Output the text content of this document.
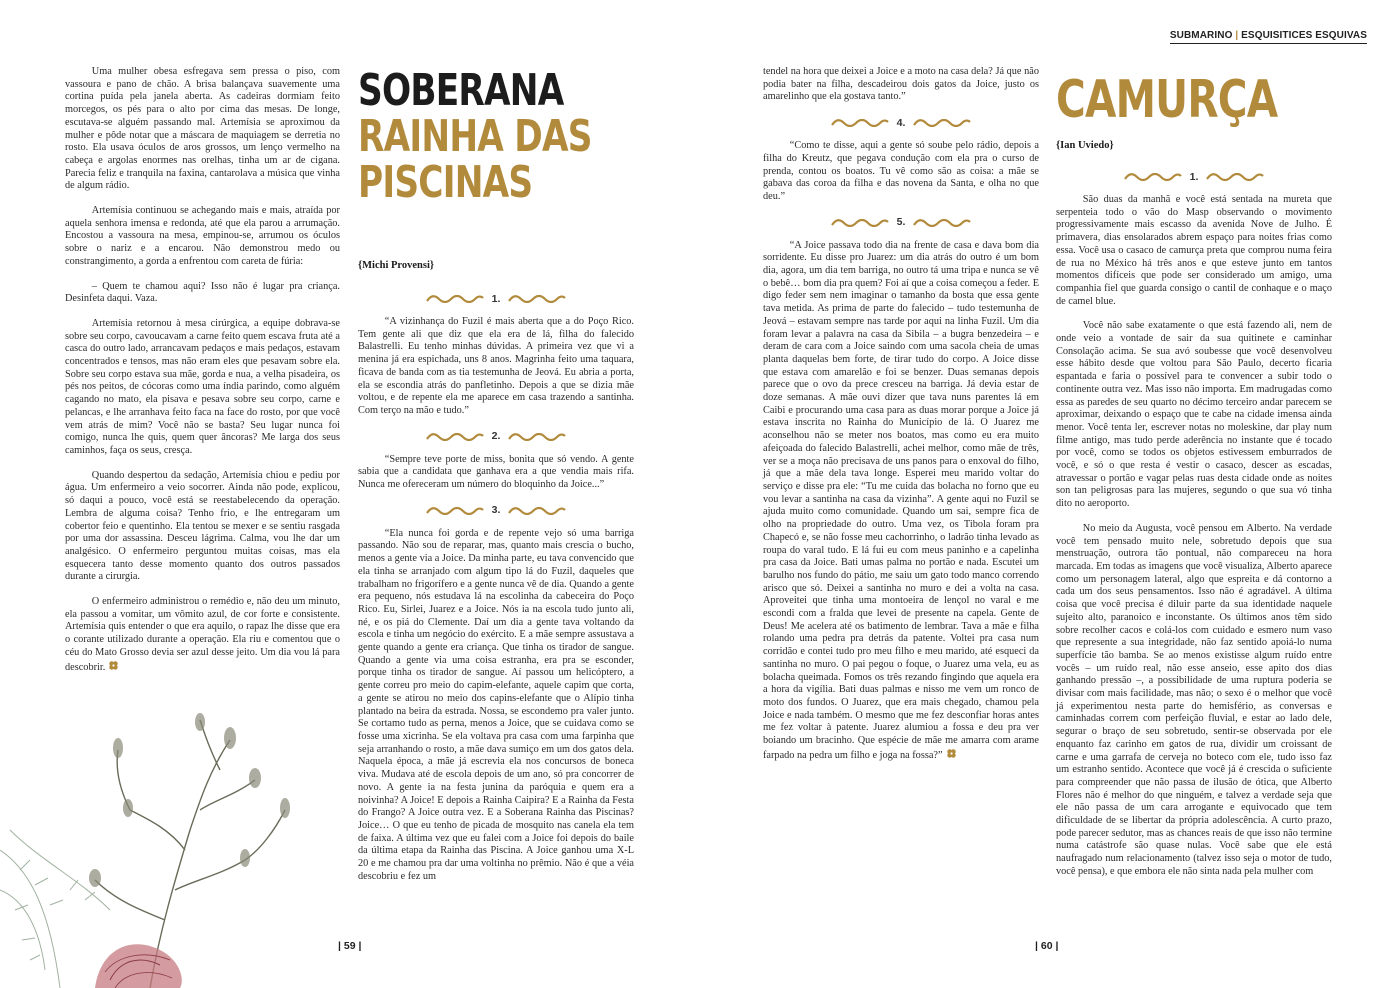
Uma mulher obesa esfregava sem pressa o piso, com vassoura e pano de chão. A brisa balançava suavemente uma cortina puída pela janela aberta. As cadeiras dormiam feito morcegos, os pés para o alto por cima das mesas. De longe, escutava-se alguém passando mal. Artemísia se aproximou da mulher e pôde notar que a máscara de maquiagem se derretia no rosto. Ela usava óculos de aros grossos, um lenço vermelho na cabeça e argolas enormes nas orelhas, tinha um ar de cigana. Parecia feliz e tranquila na faxina, cantarolava a música que vinha de algum rádio.

Artemísia continuou se achegando mais e mais, atraída por aquela senhora imensa e redonda, até que ela parou a arrumação. Encostou a vassoura na mesa, empinou-se, arrumou os óculos sobre o nariz e a encarou. Não demonstrou medo ou constrangimento, a gorda a enfrentou com careta de fúria:

– Quem te chamou aqui? Isso não é lugar pra criança. Desinfeta daqui. Vaza.

Artemísia retornou à mesa cirúrgica, a equipe dobrava-se sobre seu corpo, cavoucavam a carne feito quem escava fruta até a casca do outro lado, arrancavam pedaços e mais pedaços, estavam concentrados e tensos, mas não eram eles que pesavam sobre ela. Sobre seu corpo estava sua mãe, gorda e nua, a velha pisadeira, os pés nos peitos, de cócoras como uma índia parindo, como alguém cagando no mato, ela pisava e pesava sobre seu corpo, carne e pelancas, e lhe arranhava feito faca na face do rosto, por que você vem atrás de mim? Você não se basta? Seu lugar nunca foi comigo, nunca lhe quis, quem quer âncoras? Me larga dos seus caminhos, faça os seus, cresça.

Quando despertou da sedação, Artemísia chiou e pediu por água. Um enfermeiro a veio socorrer. Ainda não pode, explicou, só daqui a pouco, você está se reestabelecendo da operação. Lembra de alguma coisa? Tenho frio, e lhe entregaram um cobertor feio e quentinho. Ela tentou se mexer e se sentiu rasgada por uma dor assassina. Desceu lágrima. Calma, vou lhe dar um analgésico. O enfermeiro perguntou muitas coisas, mas ela esquecera tanto desse momento quanto dos outros passados durante a cirurgia.

O enfermeiro administrou o remédio e, não deu um minuto, ela passou a vomitar, um vômito azul, de cor forte e consistente. Artemísia quis entender o que era aquilo, o rapaz lhe disse que era o corante utilizado durante a operação. Ela riu e comentou que o céu do Mato Grosso devia ser azul desse jeito. Um dia vou lá para descobrir.

SOBERANA
RAINHA DAS
PISCINAS
{Michi Provensi}
1.

“A vizinhança do Fuzil é mais aberta que a do Poço Rico. Tem gente ali que diz que ela era de lá, filha do falecido Balastrelli. Eu tenho minhas dúvidas. A primeira vez que vi a menina já era espichada, uns 8 anos. Magrinha feito uma taquara, ficava de banda com as tia testemunha de Jeová. Eu abria a porta, ela se escondia atrás do panfletinho. Depois a que se dizia mãe voltou, e de repente ela me aparece em casa trazendo a santinha. Com terço na mão e tudo.”

2.

“Sempre teve porte de miss, bonita que só vendo. A gente sabia que a candidata que ganhava era a que vendia mais rifa. Nunca me ofereceram um número do bloquinho da Joice...”

3.

“Ela nunca foi gorda e de repente vejo só uma barriga passando. Não sou de reparar, mas, quanto mais crescia o bucho, menos a gente via a Joice. Da minha parte, eu tava convencido que ela tinha se arranjado com algum tipo lá do Fuzil, daqueles que trabalham no frigorífero e a gente nunca vê de dia. Quando a gente era pequeno, nós estudava lá na escolinha da cabeceira do Poço Rico. Eu, Sirlei, Juarez e a Joice. Nós ia na escola tudo junto ali, né, e os piá do Clemente. Daí um dia a gente tava voltando da escola e tinha um negócio do exército. E a mãe sempre assustava a gente quando a gente era criança. Que tinha os tirador de sangue. Quando a gente via uma coisa estranha, era pra se esconder, porque tinha os tirador de sangue. Aí passou um helicóptero, a gente correu pro meio do capim-elefante, aquele capim que corta, a gente se atirou no meio dos capins-elefante que o Alípio tinha plantado na beira da estrada. Nossa, se escondemo pra valer junto. Se cortamo tudo as perna, menos a Joice, que se cuidava como se fosse uma xicrinha. Se ela voltava pra casa com uma farpinha que seja arranhando o rosto, a mãe dava sumiço em um dos gatos dela. Naquela época, a mãe já escrevia ela nos concursos de boneca viva. Mudava até de escola depois de um ano, só pra concorrer de novo. A gente ia na festa junina da paróquia e quem era a noivinha? A Joice! E depois a Rainha Caipira? E a Rainha da Festa do Frango? A Joice outra vez. E a Soberana Rainha das Piscinas? Joice… O que eu tenho de picada de mosquito nas canela ela tem de faixa. A última vez que eu falei com a Joice foi depois do baile da última etapa da Rainha das Piscina. A Joice ganhou uma X-L 20 e me chamou pra dar uma voltinha no prêmio. Não é que a véia descobriu e fez um

| 59 |
SUBMARINO | ESQUISITICES ESQUIVAS

tendel na hora que deixei a Joice e a moto na casa dela? Já que não podia bater na filha, descadeirou dois gatos da Joice, justo os amarelinho que ela gostava tanto.”

4.

“Como te disse, aqui a gente só soube pelo rádio, depois a filha do Kreutz, que pegava condução com ela pra o curso de prenda, contou os boatos. Tu vê como são as coisa: a mãe se gabava das coroa da filha e das novena da Santa, e olha no que deu.”

5.

“A Joice passava todo dia na frente de casa e dava bom dia sorridente. Eu disse pro Juarez: um dia atrás do outro é um bom dia, agora, um dia tem barriga, no outro tá uma tripa e nunca se vê o bebê… bom dia pra quem? Foi aí que a coisa começou a feder. E digo feder sem nem imaginar o tamanho da bosta que essa gente tava metida. As prima de parte do falecido – tudo testemunha de Jeová – estavam sempre nas tarde por aqui na linha Fuzil. Um dia foram levar a palavra na casa da Sibila – a bugra benzedeira – e deram de cara com a Joice saindo com uma sacola cheia de umas planta daquelas bem forte, de tirar tudo do corpo. A Joice disse que estava com amarelão e foi se benzer. Duas semanas depois parece que o ovo da prece cresceu na barriga. Já devia estar de doze semanas. A mãe ouvi dizer que tava nuns parentes lá em Caibi e procurando uma casa para as duas morar porque a Joice já estava inscrita no Rainha do Município de lá. O Juarez me aconselhou não se meter nos boatos, mas como eu era muito afeiçoada do falecido Balastrelli, achei melhor, como mãe de três, ver se a moça não precisava de uns panos para o enxoval do filho, já que a mãe dela tava longe. Esperei meu marido voltar do serviço e disse pra ele: “Tu me cuida das bolacha no forno que eu vou levar a santinha na casa da vizinha”. A gente aqui no Fuzil se ajuda muito como comunidade. Quando um sai, sempre fica de olho na propriedade do outro. Uma vez, os Tibola foram pra Chapecó e, se não fosse meu cachorrinho, o ladrão tinha levado as roupa do varal tudo. E lá fui eu com meus paninho e a capelinha pra casa da Joice. Bati umas palma no portão e nada. Escutei um barulho nos fundo do pátio, me saiu um gato todo manco correndo arisco que só. Deixei a santinha no muro e dei a volta na casa. Aproveitei que tinha uma montoeira de lençol no varal e me escondi com a fralda que levei de presente na capela. Gente de Deus! Me acelera até os batimento de lembrar. Tava a mãe e filha rolando uma pedra pra detrás da patente. Voltei pra casa num corridão e contei tudo pro meu filho e meu marido, até esqueci da santinha no muro. O pai pegou o foque, o Juarez uma vela, eu as bolacha queimada. Fomos os três rezando fingindo que aquela era a hora da vigília. Bati duas palmas e nisso me vem um ronco de moto dos fundos. O Juarez, que era mais chegado, chamou pela Joice e nada também. O mesmo que me fez desconfiar horas antes me fez voltar à patente. Juarez alumiou a fossa e deu pra ver boiando um bracinho. Que espécie de mãe me amarra com arame farpado na pedra um filho e joga na fossa?”

CAMURÇA
{Ian Uviedo}
1.

São duas da manhã e você está sentada na mureta que serpenteia todo o vão do Masp observando o movimento progressivamente mais escasso da avenida Nove de Julho. É primavera, dias ensolarados abrem espaço para noites frias como essa. Você usa o casaco de camurça preta que comprou numa feira de rua no México há três anos e que esteve junto em tantos momentos difíceis que pode ser considerado um amigo, uma companhia fiel que guarda consigo o cantil de conhaque e o maço de camel blue.

Você não sabe exatamente o que está fazendo ali, nem de onde veio a vontade de sair da sua quitinete e caminhar Consolação acima. Se sua avó soubesse que você desenvolveu esse hábito desde que voltou para São Paulo, decerto ficaria espantada e faria o possível para te convencer a subir todo o continente outra vez. Mas isso não importa. Em madrugadas como essa as paredes de seu quarto no décimo terceiro andar parecem se aproximar, deixando o espaço que te cabe na cidade imensa ainda menor. Você tenta ler, escrever notas no moleskine, dar play num filme antigo, mas tudo perde aderência no instante que é tocado por você, como se todos os objetos estivessem emburrados de você, e só o que resta é vestir o casaco, descer as escadas, atravessar o portão e vagar pelas ruas desta cidade onde as noites son tan peligrosas para las mujeres, segundo o que sua vó tinha dito no aeroporto.

No meio da Augusta, você pensou em Alberto. Na verdade você tem pensado muito nele, sobretudo depois que sua menstruação, outrora tão pontual, não compareceu na hora marcada. Em todas as imagens que você visualiza, Alberto aparece como um personagem lateral, algo que espreita e dá contorno a cada um dos seus pensamentos. Isso não é agradável. A última coisa que você precisa é diluir parte da sua identidade naquele sujeito alto, paranoico e inconstante. Os últimos anos têm sido sobre recolher cacos e colá-los com cuidado e esmero num vaso que represente a sua integridade, não faz sentido apoiá-lo numa superfície tão bamba. Se ao menos existisse algum ruído entre vocês – um ruído real, não esse anseio, esse apito dos dias ganhando pressão –, a possibilidade de uma ruptura poderia se divisar com mais facilidade, mas não; o sexo é o melhor que você já experimentou nesta parte do hemisfério, as conversas e caminhadas correm com perfeição fluvial, e estar ao lado dele, segurar o braço de seu sobretudo, sentir-se observada por ele enquanto faz carinho em gatos de rua, dividir um croissant de carne e uma garrafa de cerveja no boteco com ele, tudo isso faz um estranho sentido. Acontece que você já é crescida o suficiente para compreender que não passa de ilusão de ótica, que Alberto Flores não é melhor do que ninguém, e talvez a verdade seja que ele não passa de um cara arrogante e equivocado que tem dificuldade de se libertar da própria adolescência. A curto prazo, pode parecer sedutor, mas as chances reais de que isso não termine numa catástrofe são quase nulas. Você sabe que ele está naufragado num relacionamento (talvez isso seja o motor de tudo, você pensa), e que embora ele não sinta nada pela mulher com

| 60 |
